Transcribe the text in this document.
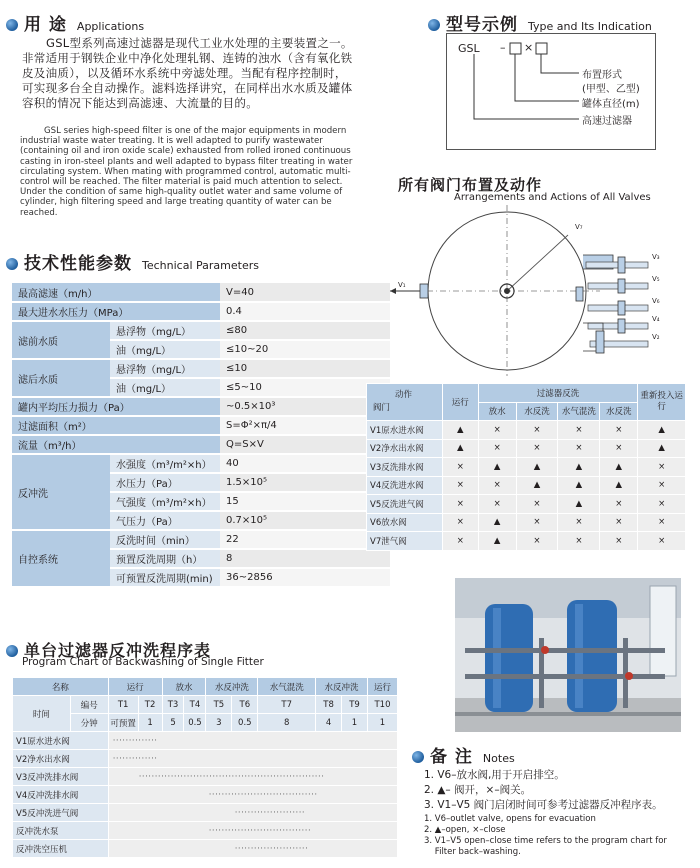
用 途 Applications
GSL型系列高速过滤器是现代工业水处理的主要装置之一。
非常适用于钢铁企业中净化处理轧钢、连铸的浊水（含有氧化铁
皮及油质），以及循环水系统中旁滤处理。当配有程序控制时，
可实现多台全自动操作。滤料选择讲究，在同样出水水质及罐体
容积的情况下能达到高滤速、大流量的目的。
GSL series high-speed filter is one of the major equipments in modern
industrial waste water treating. It is well adapted to purify wastewater
(containing oil and iron oxide scale) exhausted from rolled ironed continuous
casting in iron-steel plants and well adapted to bypass filter treating in water
circulating system. When mating with programmed control, automatic multi-
control will be reached. The filter material is paid much attention to select.
Under the condition of same high-quality outlet water and same volume of
cylinder, high filtering speed and large treating quantity of water can be
reached.
技术性能参数 Technical Parameters
最高滤速（m/h）		V=40
最大进水水压力（MPa）		0.4
滤前水质	悬浮物（mg/L）	≤80
	油（mg/L）	≤10~20
滤后水质	悬浮物（mg/L）	≤10
	油（mg/L）	≤5~10
罐内平均压力损力（Pa）		~0.5×10³
过滤面积（m²）		S=Φ²×π/4
流量（m³/h）		Q=S×V
反冲洗	水强度（m³/m²×h）	40
	水压力（Pa）	1.5×10⁵
	气强度（m³/m²×h）	15
	气压力（Pa）	0.7×10⁵
自控系统	反洗时间（min）	22
	预置反洗周期（h）	8
	可预置反洗周期(min)	36~2856
型号示例 Type and Its Indication
GSL – ×
布置形式
(甲型、乙型)
罐体直径(m)
高速过滤器
所有阀门布置及动作
Arrangements and Actions of All Valves
V₁
V₃
V₅
V₆
V₄
V₂
V₇
动作
阀门	运行	过滤器反洗				重新投入运行
		放水	水反洗	水气混洗	水反洗	
V1原水进水阀	▲	×	×	×	×	▲
V2净水出水阀	▲	×	×	×	×	▲
V3反洗排水阀	×	▲	▲	▲	▲	×
V4反洗进水阀	×	×	▲	▲	▲	×
V5反洗进气阀	×	×	×	▲	×	×
V6放水阀	×	▲	×	×	×	×
V7泄气阀	×	▲	×	×	×	×
单台过滤器反冲洗程序表
Program Chart of Backwashing of Single Fitter
名称		运行		放水		水反冲洗		水气混洗	水反冲洗		运行
时间	编号	T1	T2	T3	T4	T5	T6	T7	T8	T9	T10
	分钟	可预置	1	5	0.5	3	0.5	8	4	1	1
V1原水进水阀		··············									
V2净水出水阀		··············									
V3反冲洗排水阀		··························································									
V4反冲洗排水阀		··································									
V5反冲洗进气阀		······················									
反冲洗水泵		································									
反冲洗空压机		·······················									
备 注 Notes
1. V6–放水阀,用于开启排空。
2. ▲– 阀开，×–阀关。
3. V1–V5 阀门启闭时间可参考过滤器反冲程序表。
1. V6–outlet valve, opens for evacuation
2. ▲–open, ×–close
3. V1–V5 open–close time refers to the program chart for
Filter back–washing.
